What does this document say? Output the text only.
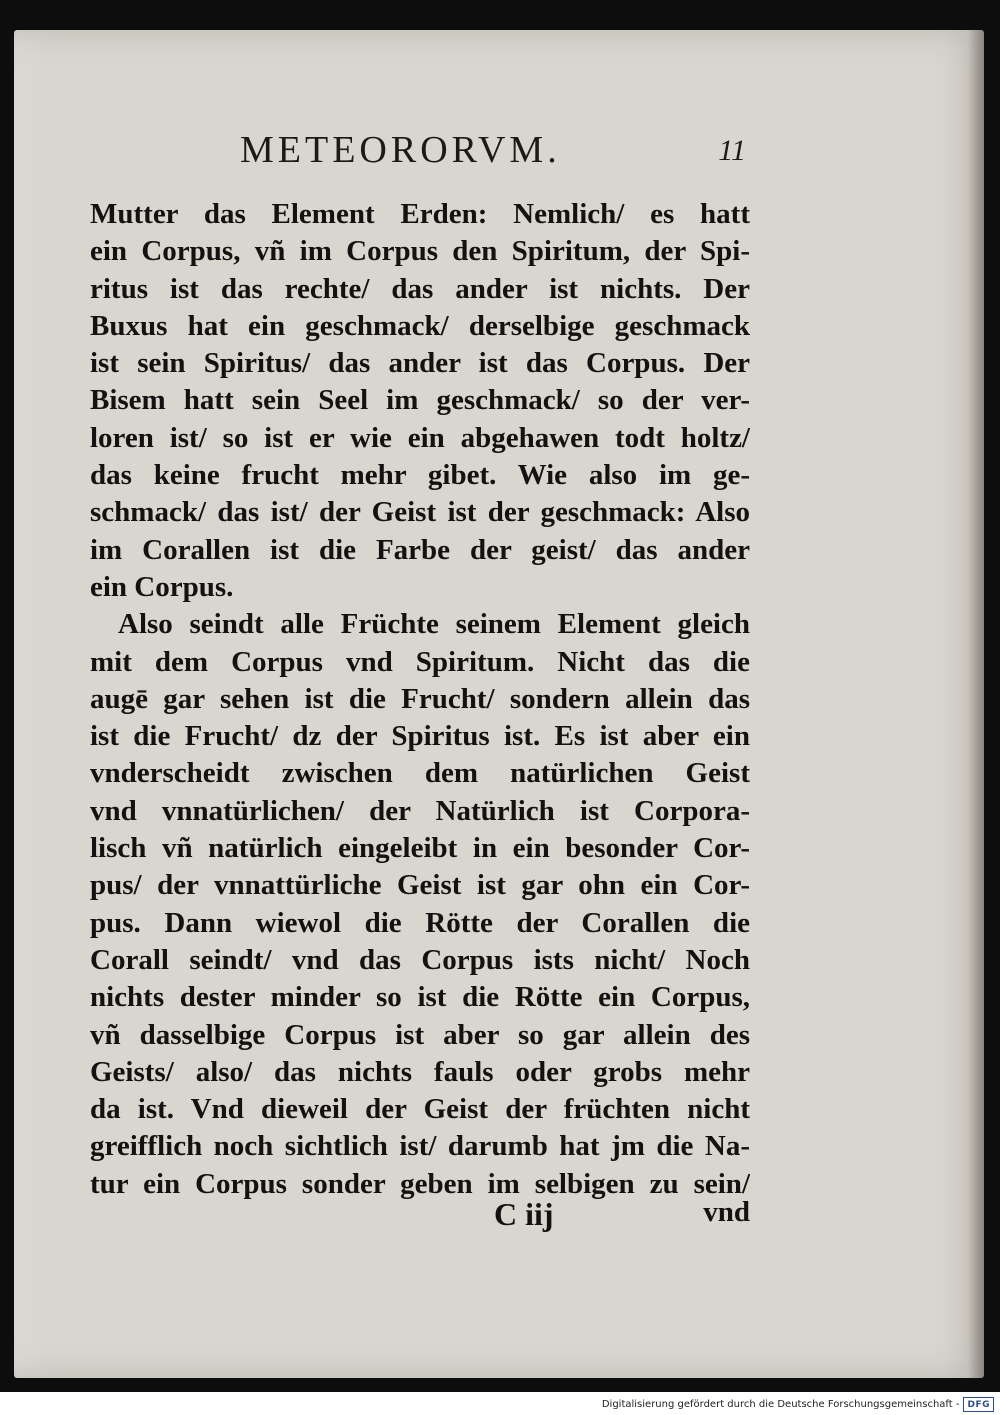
METEORORVM.	11
Mutter das Element Erden: Nemlich/ es hatt
ein Corpus, vñ im Corpus den Spiritum, der Spi-
ritus ist das rechte/ das ander ist nichts. Der
Buxus hat ein geschmack/ derselbige geschmack
ist sein Spiritus/ das ander ist das Corpus. Der
Bisem hatt sein Seel im geschmack/ so der ver-
loren ist/ so ist er wie ein abgehawen todt holtz/
das keine frucht mehr gibet. Wie also im ge-
schmack/ das ist/ der Geist ist der geschmack: Also
im Corallen ist die Farbe der geist/ das ander
ein Corpus.
Also seindt alle Früchte seinem Element gleich
mit dem Corpus vnd Spiritum. Nicht das die
augē gar sehen ist die Frucht/ sondern allein das
ist die Frucht/ dz der Spiritus ist. Es ist aber ein
vnderscheidt zwischen dem natürlichen Geist
vnd vnnatürlichen/ der Natürlich ist Corpora-
lisch vñ natürlich eingeleibt in ein besonder Cor-
pus/ der vnnattürliche Geist ist gar ohn ein Cor-
pus. Dann wiewol die Rötte der Corallen die
Corall seindt/ vnd das Corpus ists nicht/ Noch
nichts dester minder so ist die Rötte ein Corpus,
vñ dasselbige Corpus ist aber so gar allein des
Geists/ also/ das nichts fauls oder grobs mehr
da ist. Vnd dieweil der Geist der früchten nicht
greifflich noch sichtlich ist/ darumb hat jm die Na-
tur ein Corpus sonder geben im selbigen zu sein/
C iij	vnd
Digitalisierung gefördert durch die Deutsche Forschungsgemeinschaft - DFG
